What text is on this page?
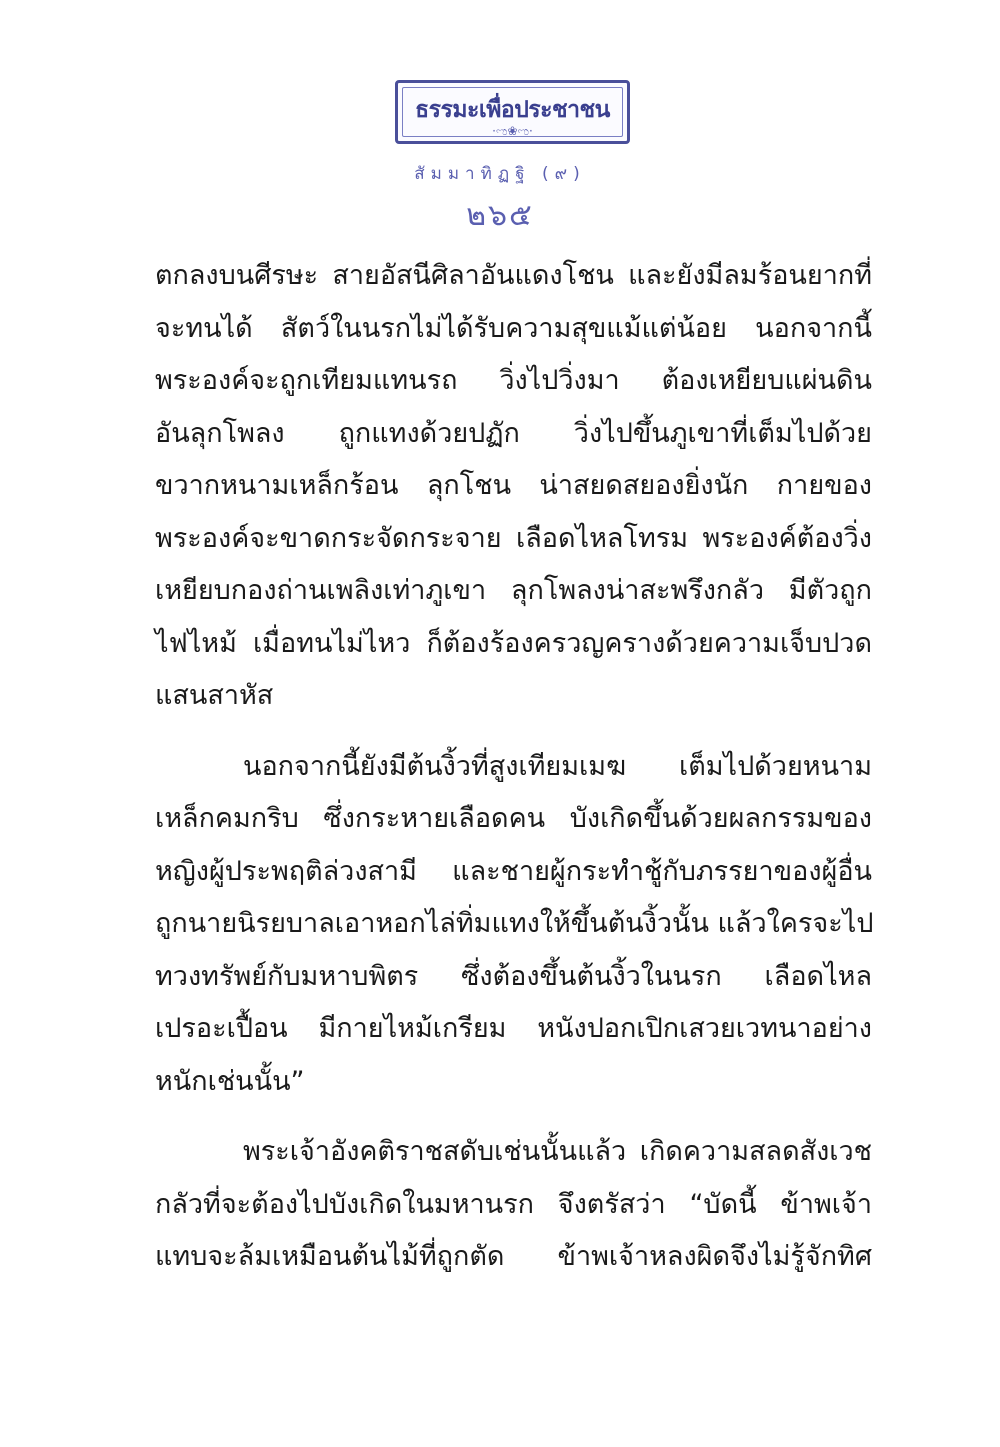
ธรรมะเพื่อประชาชน
·ಌ❀ಌ·
สัมมาทิฏฐิ (๙)
๒๖๕
ตกลงบนศีรษะ สายอัสนีศิลาอันแดงโชน และยังมีลมร้อนยากที่
จะทนได้ สัตว์ในนรกไม่ได้รับความสุขแม้แต่น้อย นอกจากนี้
พระองค์จะถูกเทียมแทนรถ วิ่งไปวิ่งมา ต้องเหยียบแผ่นดิน
อันลุกโพลง ถูกแทงด้วยปฏัก วิ่งไปขึ้นภูเขาที่เต็มไปด้วย
ขวากหนามเหล็กร้อน ลุกโชน น่าสยดสยองยิ่งนัก กายของ
พระองค์จะขาดกระจัดกระจาย เลือดไหลโทรม พระองค์ต้องวิ่ง
เหยียบกองถ่านเพลิงเท่าภูเขา ลุกโพลงน่าสะพรึงกลัว มีตัวถูก
ไฟไหม้ เมื่อทนไม่ไหว ก็ต้องร้องครวญครางด้วยความเจ็บปวด
แสนสาหัส
นอกจากนี้ยังมีต้นงิ้วที่สูงเทียมเมฆ เต็มไปด้วยหนาม
เหล็กคมกริบ ซึ่งกระหายเลือดคน บังเกิดขึ้นด้วยผลกรรมของ
หญิงผู้ประพฤติล่วงสามี และชายผู้กระทำชู้กับภรรยาของผู้อื่น
ถูกนายนิรยบาลเอาหอกไล่ทิ่มแทงให้ขึ้นต้นงิ้วนั้น แล้วใครจะไป
ทวงทรัพย์กับมหาบพิตร ซึ่งต้องขึ้นต้นงิ้วในนรก เลือดไหล
เปรอะเปื้อน มีกายไหม้เกรียม หนังปอกเปิกเสวยเวทนาอย่าง
หนักเช่นนั้น”
พระเจ้าอังคติราชสดับเช่นนั้นแล้ว เกิดความสลดสังเวช
กลัวที่จะต้องไปบังเกิดในมหานรก จึงตรัสว่า “บัดนี้ ข้าพเจ้า
แทบจะล้มเหมือนต้นไม้ที่ถูกตัด ข้าพเจ้าหลงผิดจึงไม่รู้จักทิศ
